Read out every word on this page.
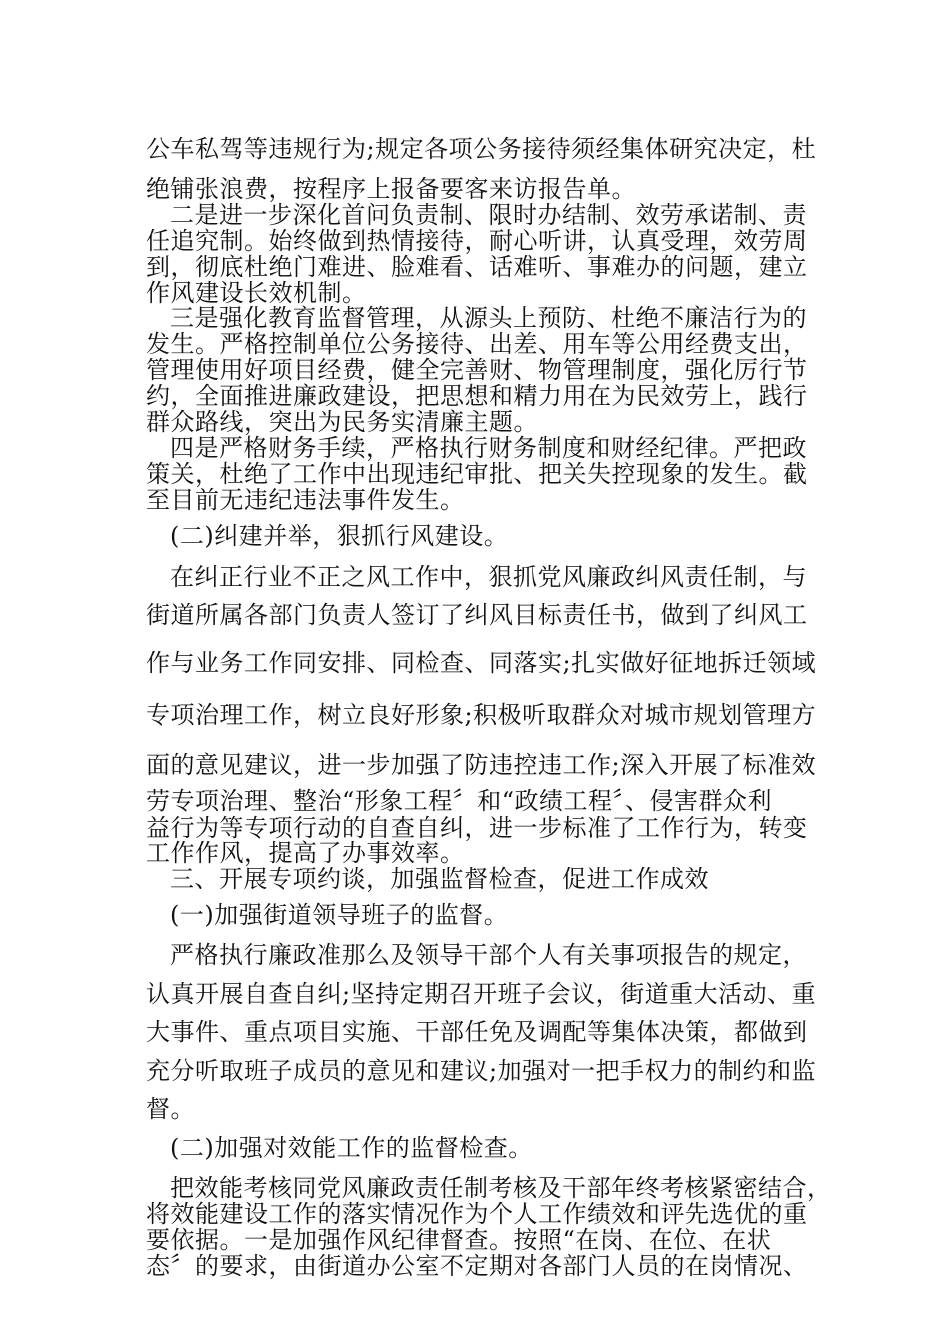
公车私驾等违规行为;规定各项公务接待须经集体研究决定，杜
绝铺张浪费，按程序上报备要客来访报告单。
二是进一步深化首问负责制、限时办结制、效劳承诺制、责
任追究制。始终做到热情接待，耐心听讲，认真受理，效劳周
到，彻底杜绝门难进、脸难看、话难听、事难办的问题，建立
作风建设长效机制。
三是强化教育监督管理，从源头上预防、杜绝不廉洁行为的
发生。严格控制单位公务接待、出差、用车等公用经费支出，
管理使用好项目经费，健全完善财、物管理制度，强化厉行节
约，全面推进廉政建设，把思想和精力用在为民效劳上，践行
群众路线，突出为民务实清廉主题。
四是严格财务手续，严格执行财务制度和财经纪律。严把政
策关，杜绝了工作中出现违纪审批、把关失控现象的发生。截
至目前无违纪违法事件发生。
(二)纠建并举，狠抓行风建设。
在纠正行业不正之风工作中，狠抓党风廉政纠风责任制，与
街道所属各部门负责人签订了纠风目标责任书，做到了纠风工
作与业务工作同安排、同检查、同落实;扎实做好征地拆迁领域
专项治理工作，树立良好形象;积极听取群众对城市规划管理方
面的意见建议，进一步加强了防违控违工作;深入开展了标准效
劳专项治理、整治“形象工程〞和“政绩工程〞、侵害群众利
益行为等专项行动的自查自纠，进一步标准了工作行为，转变
工作作风，提高了办事效率。
三、开展专项约谈，加强监督检查，促进工作成效
(一)加强街道领导班子的监督。
严格执行廉政准那么及领导干部个人有关事项报告的规定，
认真开展自查自纠;坚持定期召开班子会议，街道重大活动、重
大事件、重点项目实施、干部任免及调配等集体决策，都做到
充分听取班子成员的意见和建议;加强对一把手权力的制约和监
督。
(二)加强对效能工作的监督检查。
把效能考核同党风廉政责任制考核及干部年终考核紧密结合，
将效能建设工作的落实情况作为个人工作绩效和评先选优的重
要依据。一是加强作风纪律督查。按照“在岗、在位、在状
态〞的要求，由街道办公室不定期对各部门人员的在岗情况、
